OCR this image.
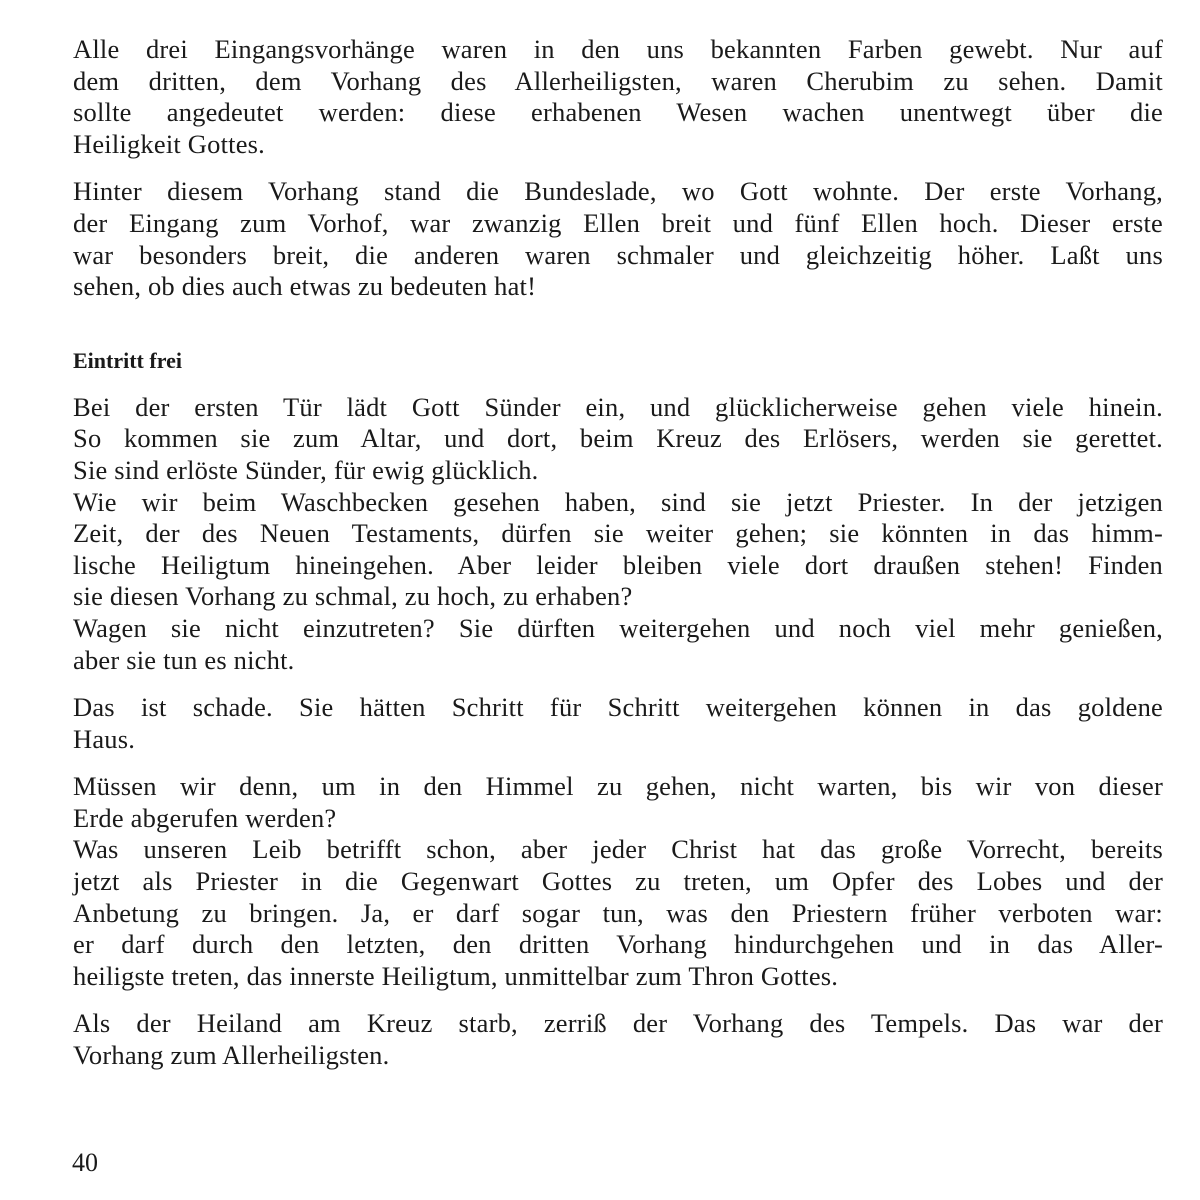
Alle drei Eingangsvorhänge waren in den uns bekannten Farben gewebt. Nur auf
dem dritten, dem Vorhang des Allerheiligsten, waren Cherubim zu sehen. Damit
sollte angedeutet werden: diese erhabenen Wesen wachen unentwegt über die
Heiligkeit Gottes.

Hinter diesem Vorhang stand die Bundeslade, wo Gott wohnte. Der erste Vorhang,
der Eingang zum Vorhof, war zwanzig Ellen breit und fünf Ellen hoch. Dieser erste
war besonders breit, die anderen waren schmaler und gleichzeitig höher. Laßt uns
sehen, ob dies auch etwas zu bedeuten hat!

Eintritt frei

Bei der ersten Tür lädt Gott Sünder ein, und glücklicherweise gehen viele hinein.
So kommen sie zum Altar, und dort, beim Kreuz des Erlösers, werden sie gerettet.
Sie sind erlöste Sünder, für ewig glücklich.

Wie wir beim Waschbecken gesehen haben, sind sie jetzt Priester. In der jetzigen
Zeit, der des Neuen Testaments, dürfen sie weiter gehen; sie könnten in das himm-
lische Heiligtum hineingehen. Aber leider bleiben viele dort draußen stehen! Finden
sie diesen Vorhang zu schmal, zu hoch, zu erhaben?

Wagen sie nicht einzutreten? Sie dürften weitergehen und noch viel mehr genießen,
aber sie tun es nicht.

Das ist schade. Sie hätten Schritt für Schritt weitergehen können in das goldene
Haus.

Müssen wir denn, um in den Himmel zu gehen, nicht warten, bis wir von dieser
Erde abgerufen werden?

Was unseren Leib betrifft schon, aber jeder Christ hat das große Vorrecht, bereits
jetzt als Priester in die Gegenwart Gottes zu treten, um Opfer des Lobes und der
Anbetung zu bringen. Ja, er darf sogar tun, was den Priestern früher verboten war:
er darf durch den letzten, den dritten Vorhang hindurchgehen und in das Aller-
heiligste treten, das innerste Heiligtum, unmittelbar zum Thron Gottes.

Als der Heiland am Kreuz starb, zerriß der Vorhang des Tempels. Das war der
Vorhang zum Allerheiligsten.

40
